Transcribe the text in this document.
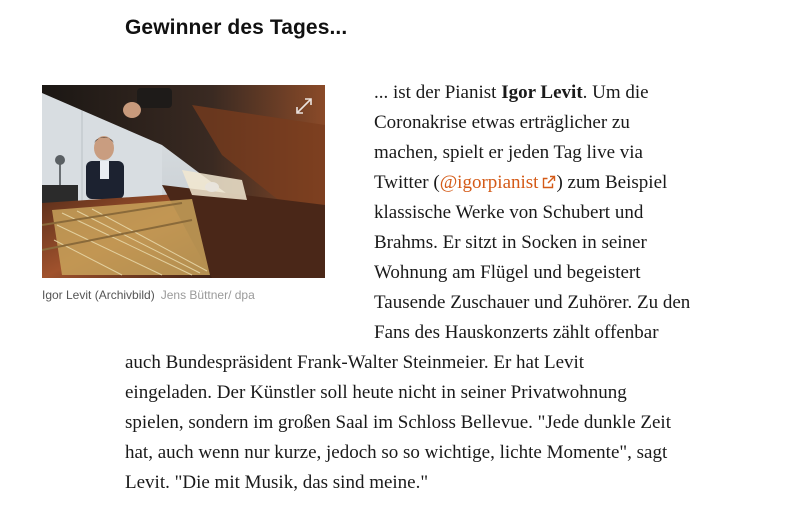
Gewinner des Tages...
Igor Levit (Archivbild) Jens Büttner/ dpa
... ist der Pianist Igor Levit. Um die
Coronakrise etwas erträglicher zu
machen, spielt er jeden Tag live via
Twitter (@igorpianist ) zum Beispiel
klassische Werke von Schubert und
Brahms. Er sitzt in Socken in seiner
Wohnung am Flügel und begeistert
Tausende Zuschauer und Zuhörer. Zu den
Fans des Hauskonzerts zählt offenbar
auch Bundespräsident Frank-Walter Steinmeier. Er hat Levit
eingeladen. Der Künstler soll heute nicht in seiner Privatwohnung
spielen, sondern im großen Saal im Schloss Bellevue. "Jede dunkle Zeit
hat, auch wenn nur kurze, jedoch so so wichtige, lichte Momente", sagt
Levit. "Die mit Musik, das sind meine."
